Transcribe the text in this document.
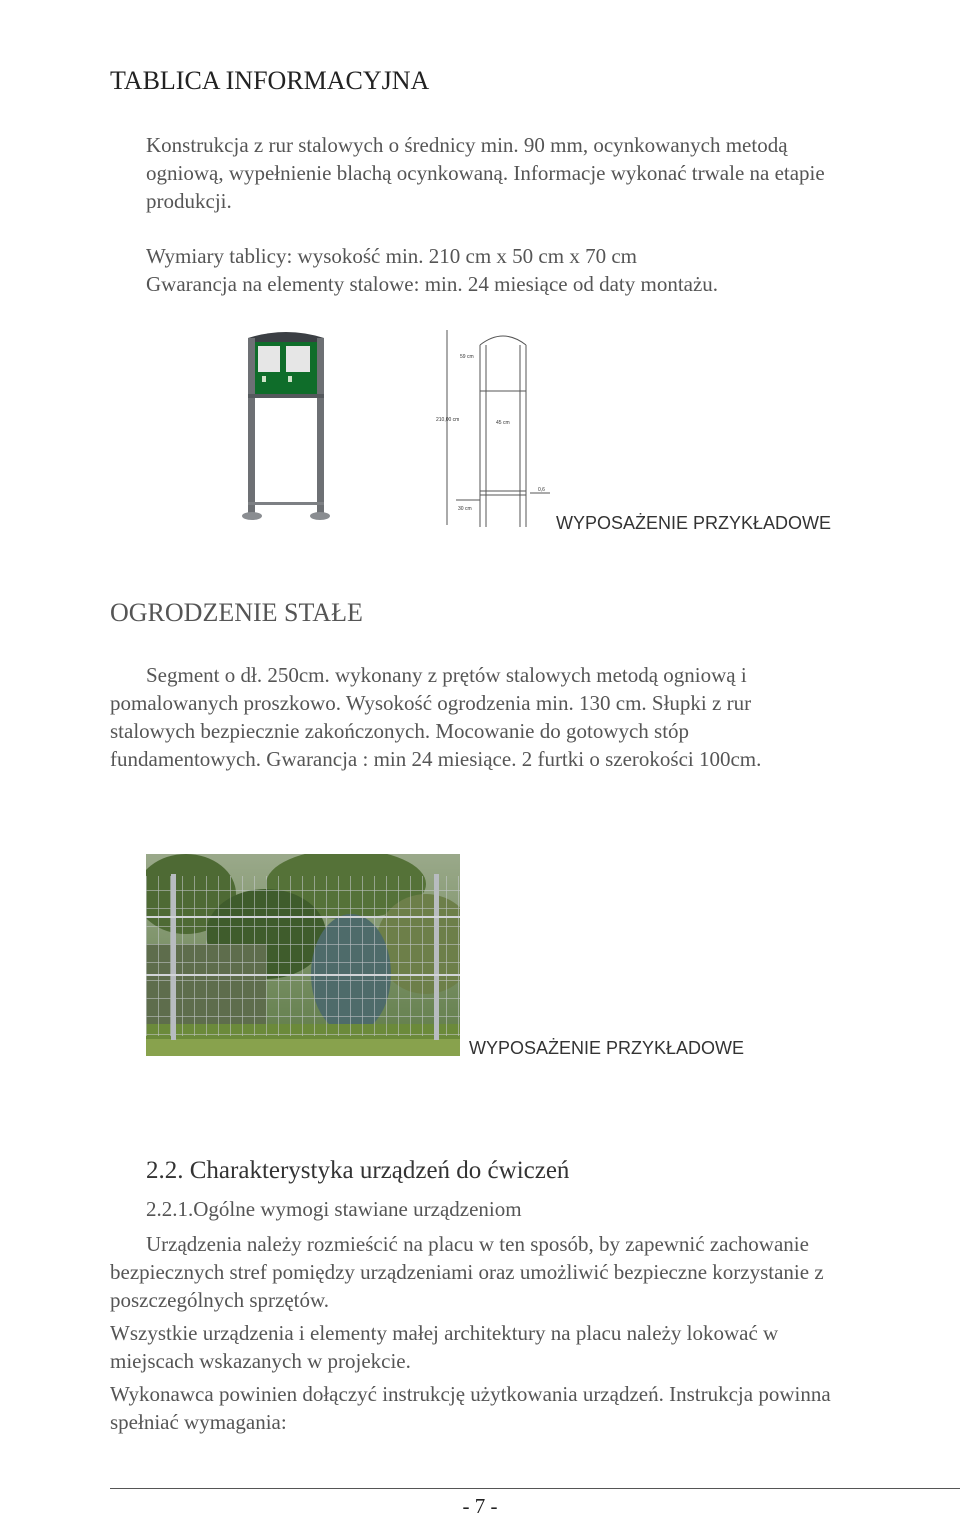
TABLICA INFORMACYJNA
Konstrukcja z rur stalowych o średnicy min. 90 mm, ocynkowanych metodą
ogniową, wypełnienie blachą ocynkowaną. Informacje wykonać trwale na etapie
produkcji.
Wymiary tablicy: wysokość min. 210 cm x 50 cm x 70 cm
Gwarancja na elementy stalowe: min. 24 miesiące od daty montażu.
59 cm
210,00 cm	45 cm
30 cm
0,6
WYPOSAŻENIE PRZYKŁADOWE
OGRODZENIE STAŁE
Segment o dł. 250cm. wykonany z prętów stalowych metodą ogniową i
pomalowanych proszkowo. Wysokość ogrodzenia min. 130 cm. Słupki z rur
stalowych bezpiecznie zakończonych. Mocowanie do gotowych stóp
fundamentowych. Gwarancja : min 24 miesiące. 2 furtki o szerokości 100cm.
WYPOSAŻENIE PRZYKŁADOWE
2.2. Charakterystyka urządzeń do ćwiczeń
2.2.1.Ogólne wymogi stawiane urządzeniom
Urządzenia należy rozmieścić na placu w ten sposób, by zapewnić zachowanie
bezpiecznych stref pomiędzy urządzeniami oraz umożliwić bezpieczne korzystanie z
poszczególnych sprzętów.
Wszystkie urządzenia i elementy małej architektury na placu należy lokować w
miejscach wskazanych w projekcie.
Wykonawca powinien dołączyć instrukcję użytkowania urządzeń. Instrukcja powinna
spełniać wymagania:
- 7 -
